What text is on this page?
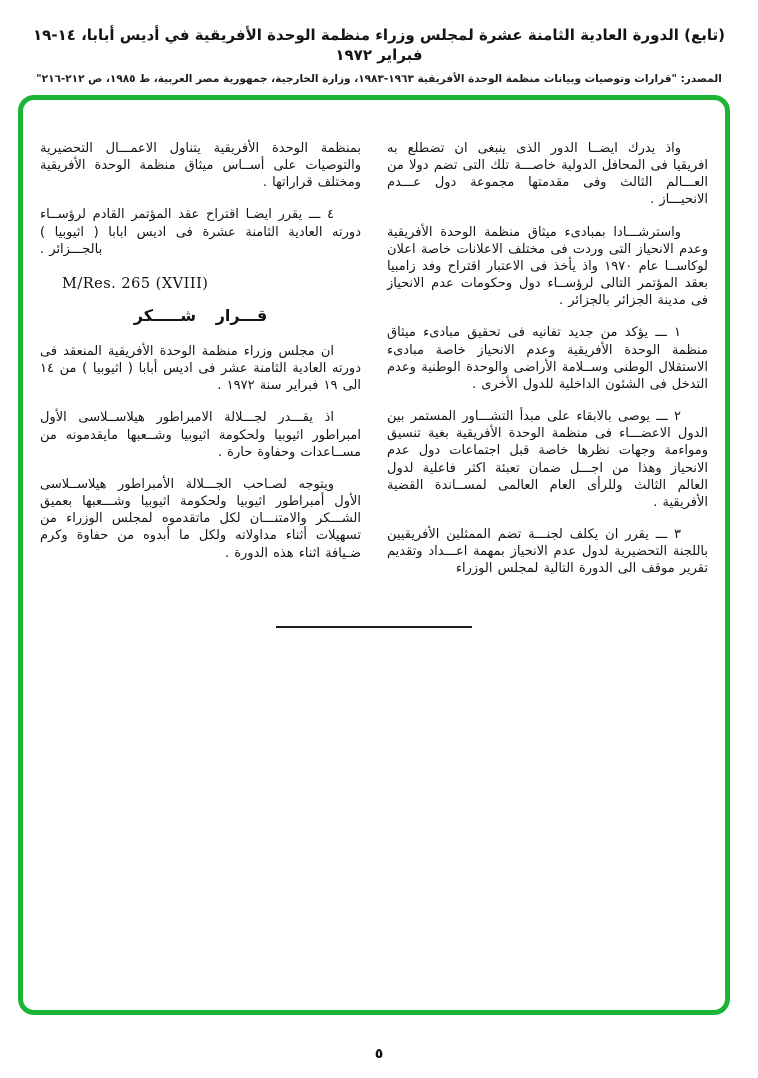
(تابع) الدورة العادية الثامنة عشرة لمجلس وزراء منظمة الوحدة الأفريقية في أديس أبابا، ١٤-١٩ فبراير ١٩٧٢
المصدر: "قرارات وتوصيات وبيانات منظمة الوحدة الأفريقية ١٩٦٣-١٩٨٣، وزارة الخارجية، جمهورية مصر العربية، ط ١٩٨٥، ص ٢١٢-٢١٦"

واذ يدرك ايضــا الدور الذى ينبغى ان تضطلع به افريقيا فى المحافل الدولية خاصـــة تلك التى تضم دولا من العـــالم الثالث وفى مقدمتها مجموعة دول عـــدم الانحيـــاز .

واسترشـــادا بمبادىء ميثاق منظمة الوحدة الأفريقية وعدم الانحياز التى وردت فى مختلف الاعلانات خاصة اعلان لوكاســا عام ١٩٧٠ واذ يأخذ فى الاعتبار اقتراح وفد زامبيا بعقد المؤتمر التالى لرؤســاء دول وحكومات عدم الانحياز فى مدينة الجزائر بالجزائر .

١ ـــ يؤكد من جديد تفانيه فى تحقيق مبادىء ميثاق منظمة الوحدة الأفريقية وعدم الانحياز خاصة مبادىء الاستقلال الوطنى وســلامة الأراضى والوحدة الوطنية وعدم التدخل فى الشئون الداخلية للدول الأخرى .

٢ ـــ يوصى بالابقاء على مبدأ التشـــاور المستمر بين الدول الاعضـــاء فى منظمة الوحدة الأفريقية بغية تنسيق ومواءمة وجهات نظرها خاصة قبل اجتماعات دول عدم الانحياز وهذا من اجـــل ضمان تعبئة اكثر فاعلية لدول العالم الثالث وللرأى العام العالمى لمســاندة القضية الأفريقية .

٣ ـــ يقرر ان يكلف لجنـــة تضم الممثلين الأفريقيين باللجنة التحضيرية لدول عدم الانحياز بمهمة اعـــداد وتقديم تقرير موقف الى الدورة التالية لمجلس الوزراء

بمنظمة الوحدة الأفريقية يتناول الاعمـــال التحضيرية والتوصيات على أســاس ميثاق منظمة الوحدة الأفريقية ومختلف قراراتها .

٤ ـــ يقرر ايضـا اقتراح عقد المؤتمر القادم لرؤســاء دورته العادية الثامنة عشرة فى اديس ابابا ( اثيوبيا ) بالجـــزائر .

M/Res. 265 (XVIII)
قـــرار شـــــكر

ان مجلس وزراء منظمة الوحدة الأفريقية المنعقد فى دورته العادية الثامنة عشر فى اديس أبابا ( اثيوبيا ) من ١٤ الى ١٩ فبراير سنة ١٩٧٢ .

اذ يقـــدر لجـــلالة الامبراطور هيلاســلاسى الأول امبراطور اثيوبيا ولحكومة اثيوبيا وشــعبها مايقدمونه من مســاعدات وحفاوة حارة .

ويتوجه لصـاحب الجـــلالة الأمبراطور هيلاســلاسى الأول أمبراطور اثيوبيا ولحكومة اثيوبيا وشـــعبها بعميق الشـــكر والامتنـــان لكل ماتقدموه لمجلس الوزراء من تسهيلات أثناء مداولاته ولكل ما أبدوه من حفاوة وكرم ضـيافة اثناء هذه الدورة .

٥
